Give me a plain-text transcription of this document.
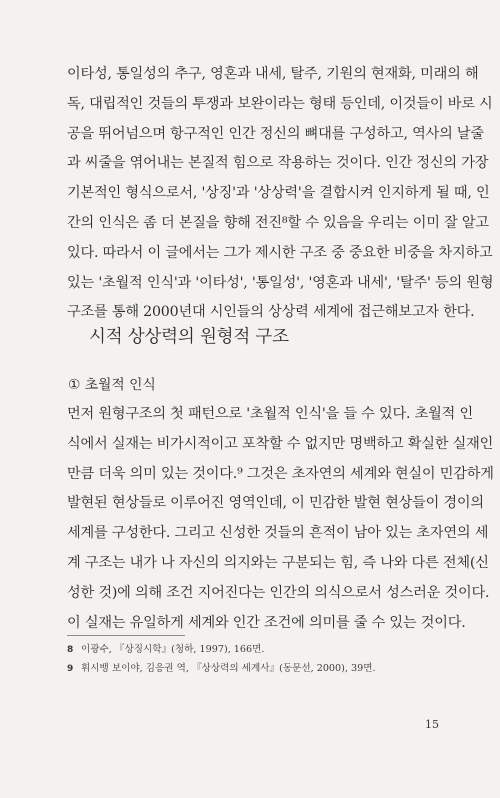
이타성, 통일성의 추구, 영혼과 내세, 탈주, 기원의 현재화, 미래의 해
독, 대립적인 것들의 투쟁과 보완이라는 형태 등인데, 이것들이 바로 시
공을 뛰어넘으며 항구적인 인간 정신의 뼈대를 구성하고, 역사의 날줄
과 씨줄을 엮어내는 본질적 힘으로 작용하는 것이다. 인간 정신의 가장
기본적인 형식으로서, '상징'과 '상상력'을 결합시켜 인지하게 될 때, 인
간의 인식은 좀 더 본질을 향해 전진⁸할 수 있음을 우리는 이미 잘 알고
있다. 따라서 이 글에서는 그가 제시한 구조 중 중요한 비중을 차지하고
있는 '초월적 인식'과 '이타성', '통일성', '영혼과 내세', '탈주' 등의 원형
구조를 통해 2000년대 시인들의 상상력 세계에 접근해보고자 한다.
시적 상상력의 원형적 구조
① 초월적 인식
먼저 원형구조의 첫 패턴으로 '초월적 인식'을 들 수 있다. 초월적 인
식에서 실재는 비가시적이고 포착할 수 없지만 명백하고 확실한 실재인
만큼 더욱 의미 있는 것이다.⁹ 그것은 초자연의 세계와 현실이 민감하게
발현된 현상들로 이루어진 영역인데, 이 민감한 발현 현상들이 경이의
세계를 구성한다. 그리고 신성한 것들의 흔적이 남아 있는 초자연의 세
계 구조는 내가 나 자신의 의지와는 구분되는 힘, 즉 나와 다른 전체(신
성한 것)에 의해 조건 지어진다는 인간의 의식으로서 성스러운 것이다.
이 실재는 유일하게 세계와 인간 조건에 의미를 줄 수 있는 것이다.
8 이광수, 『상징시학』(청하, 1997), 166면.
9 휘시뱅 보이야, 김응권 역, 『상상력의 세계사』(동문선, 2000), 39면.
15
